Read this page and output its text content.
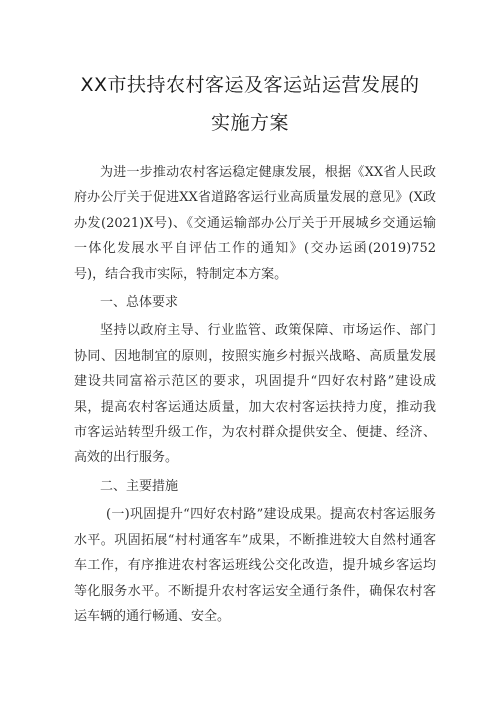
XX市扶持农村客运及客运站运营发展的
实施方案

为进一步推动农村客运稳定健康发展，根据《XX省人民政府办公厅关于促进XX省道路客运行业高质量发展的意见》(X政办发(2021)X号)、《交通运输部办公厅关于开展城乡交通运输一体化发展水平自评估工作的通知》(交办运函(2019)752号)，结合我市实际，特制定本方案。

一、总体要求

坚持以政府主导、行业监管、政策保障、市场运作、部门协同、因地制宜的原则，按照实施乡村振兴战略、高质量发展建设共同富裕示范区的要求，巩固提升“四好农村路”建设成果，提高农村客运通达质量，加大农村客运扶持力度，推动我市客运站转型升级工作，为农村群众提供安全、便捷、经济、高效的出行服务。

二、主要措施

(一)巩固提升“四好农村路”建设成果。提高农村客运服务水平。巩固拓展“村村通客车”成果，不断推进较大自然村通客车工作，有序推进农村客运班线公交化改造，提升城乡客运均等化服务水平。不断提升农村客运安全通行条件，确保农村客运车辆的通行畅通、安全。
